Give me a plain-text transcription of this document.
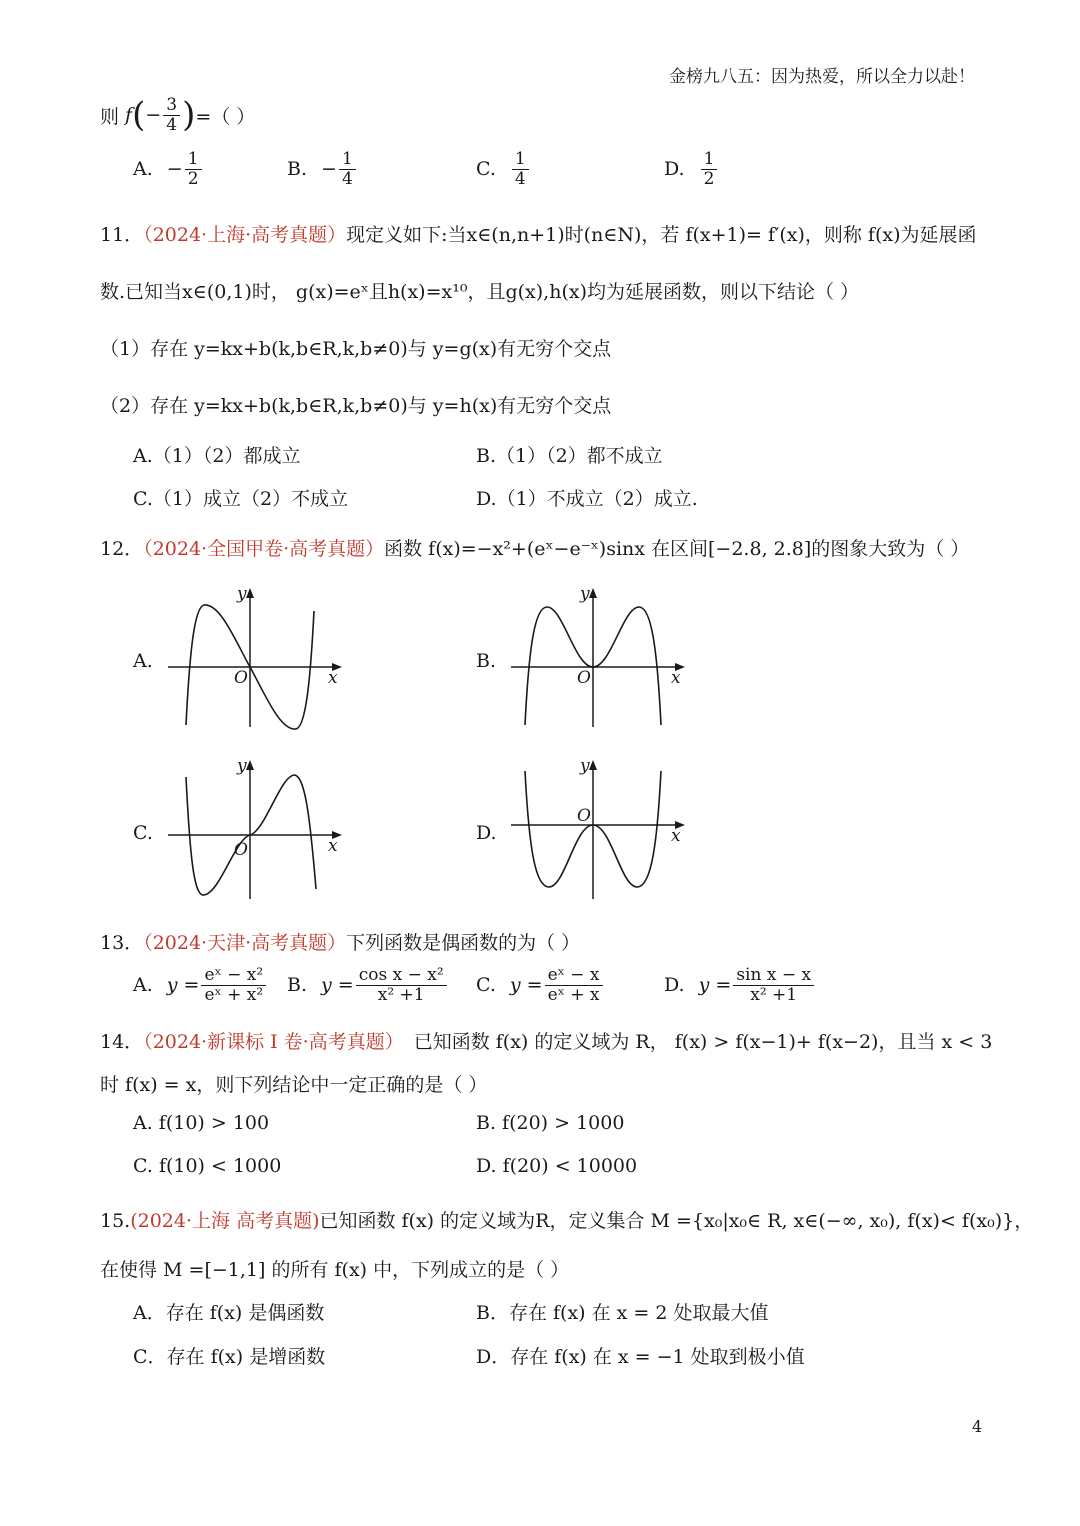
金榜九八五：因为热爱，所以全力以赴！
则 f ( − $\frac{3}{4}$ ) =（ ）
A. − $\frac{1}{2}$	B. − $\frac{1}{4}$	C. $\frac{1}{4}$	D. $\frac{1}{2}$
11．（2024·上海·高考真题）现定义如下:当x∈(n,n+1)时(n∈N)，若 f(x+1)= f′(x)，则称 f(x)为延展函
数.已知当x∈(0,1)时， g(x)=eˣ且h(x)=x¹⁰，且g(x),h(x)均为延展函数，则以下结论（ ）
（1）存在 y=kx+b(k,b∈R,k,b≠0)与 y=g(x)有无穷个交点
（2）存在 y=kx+b(k,b∈R,k,b≠0)与 y=h(x)有无穷个交点
A.（1）（2）都成立	B.（1）（2）都不成立
C.（1）成立（2）不成立	D.（1）不成立（2）成立.
12．（2024·全国甲卷·高考真题）函数 f(x)=−x²+(eˣ−e⁻ˣ)sinx 在区间[−2.8, 2.8]的图象大致为（ ）
A.	B.
C.	D.
y
x
O
y
x
O
y
x
O
y
x
O
13．（2024·天津·高考真题）下列函数是偶函数的为（ ）
A. $y = \frac{\text{eˣ − x²}}{\text{eˣ + x²}} B$. $y = \frac{\text{cos x − x²}}{\text{x² +1}} C$. $y = \frac{\text{eˣ − x}}{\text{eˣ + x}}$	D. $y = \frac{\text{sin x − x}}{\text{x² +1}}$
14．（2024·新课标 I 卷·高考真题） 已知函数 f(x) 的定义域为 R， f(x) > f(x−1)+ f(x−2)，且当 x < 3
时 f(x) = x，则下列结论中一定正确的是（ ）
A. f(10) > 100	B. f(20) > 1000
C. f(10) < 1000	D. f(20) < 10000
15.(2024·上海 高考真题)已知函数 f(x) 的定义域为R，定义集合 M ={x₀|x₀∈ R, x∈(−∞, x₀), f(x)< f(x₀)}，
在使得 M =[−1,1] 的所有 f(x) 中，下列成立的是（ ）
A．存在 f(x) 是偶函数	B．存在 f(x) 在 x = 2 处取最大值
C．存在 f(x) 是增函数	D．存在 f(x) 在 x = −1 处取到极小值
4
